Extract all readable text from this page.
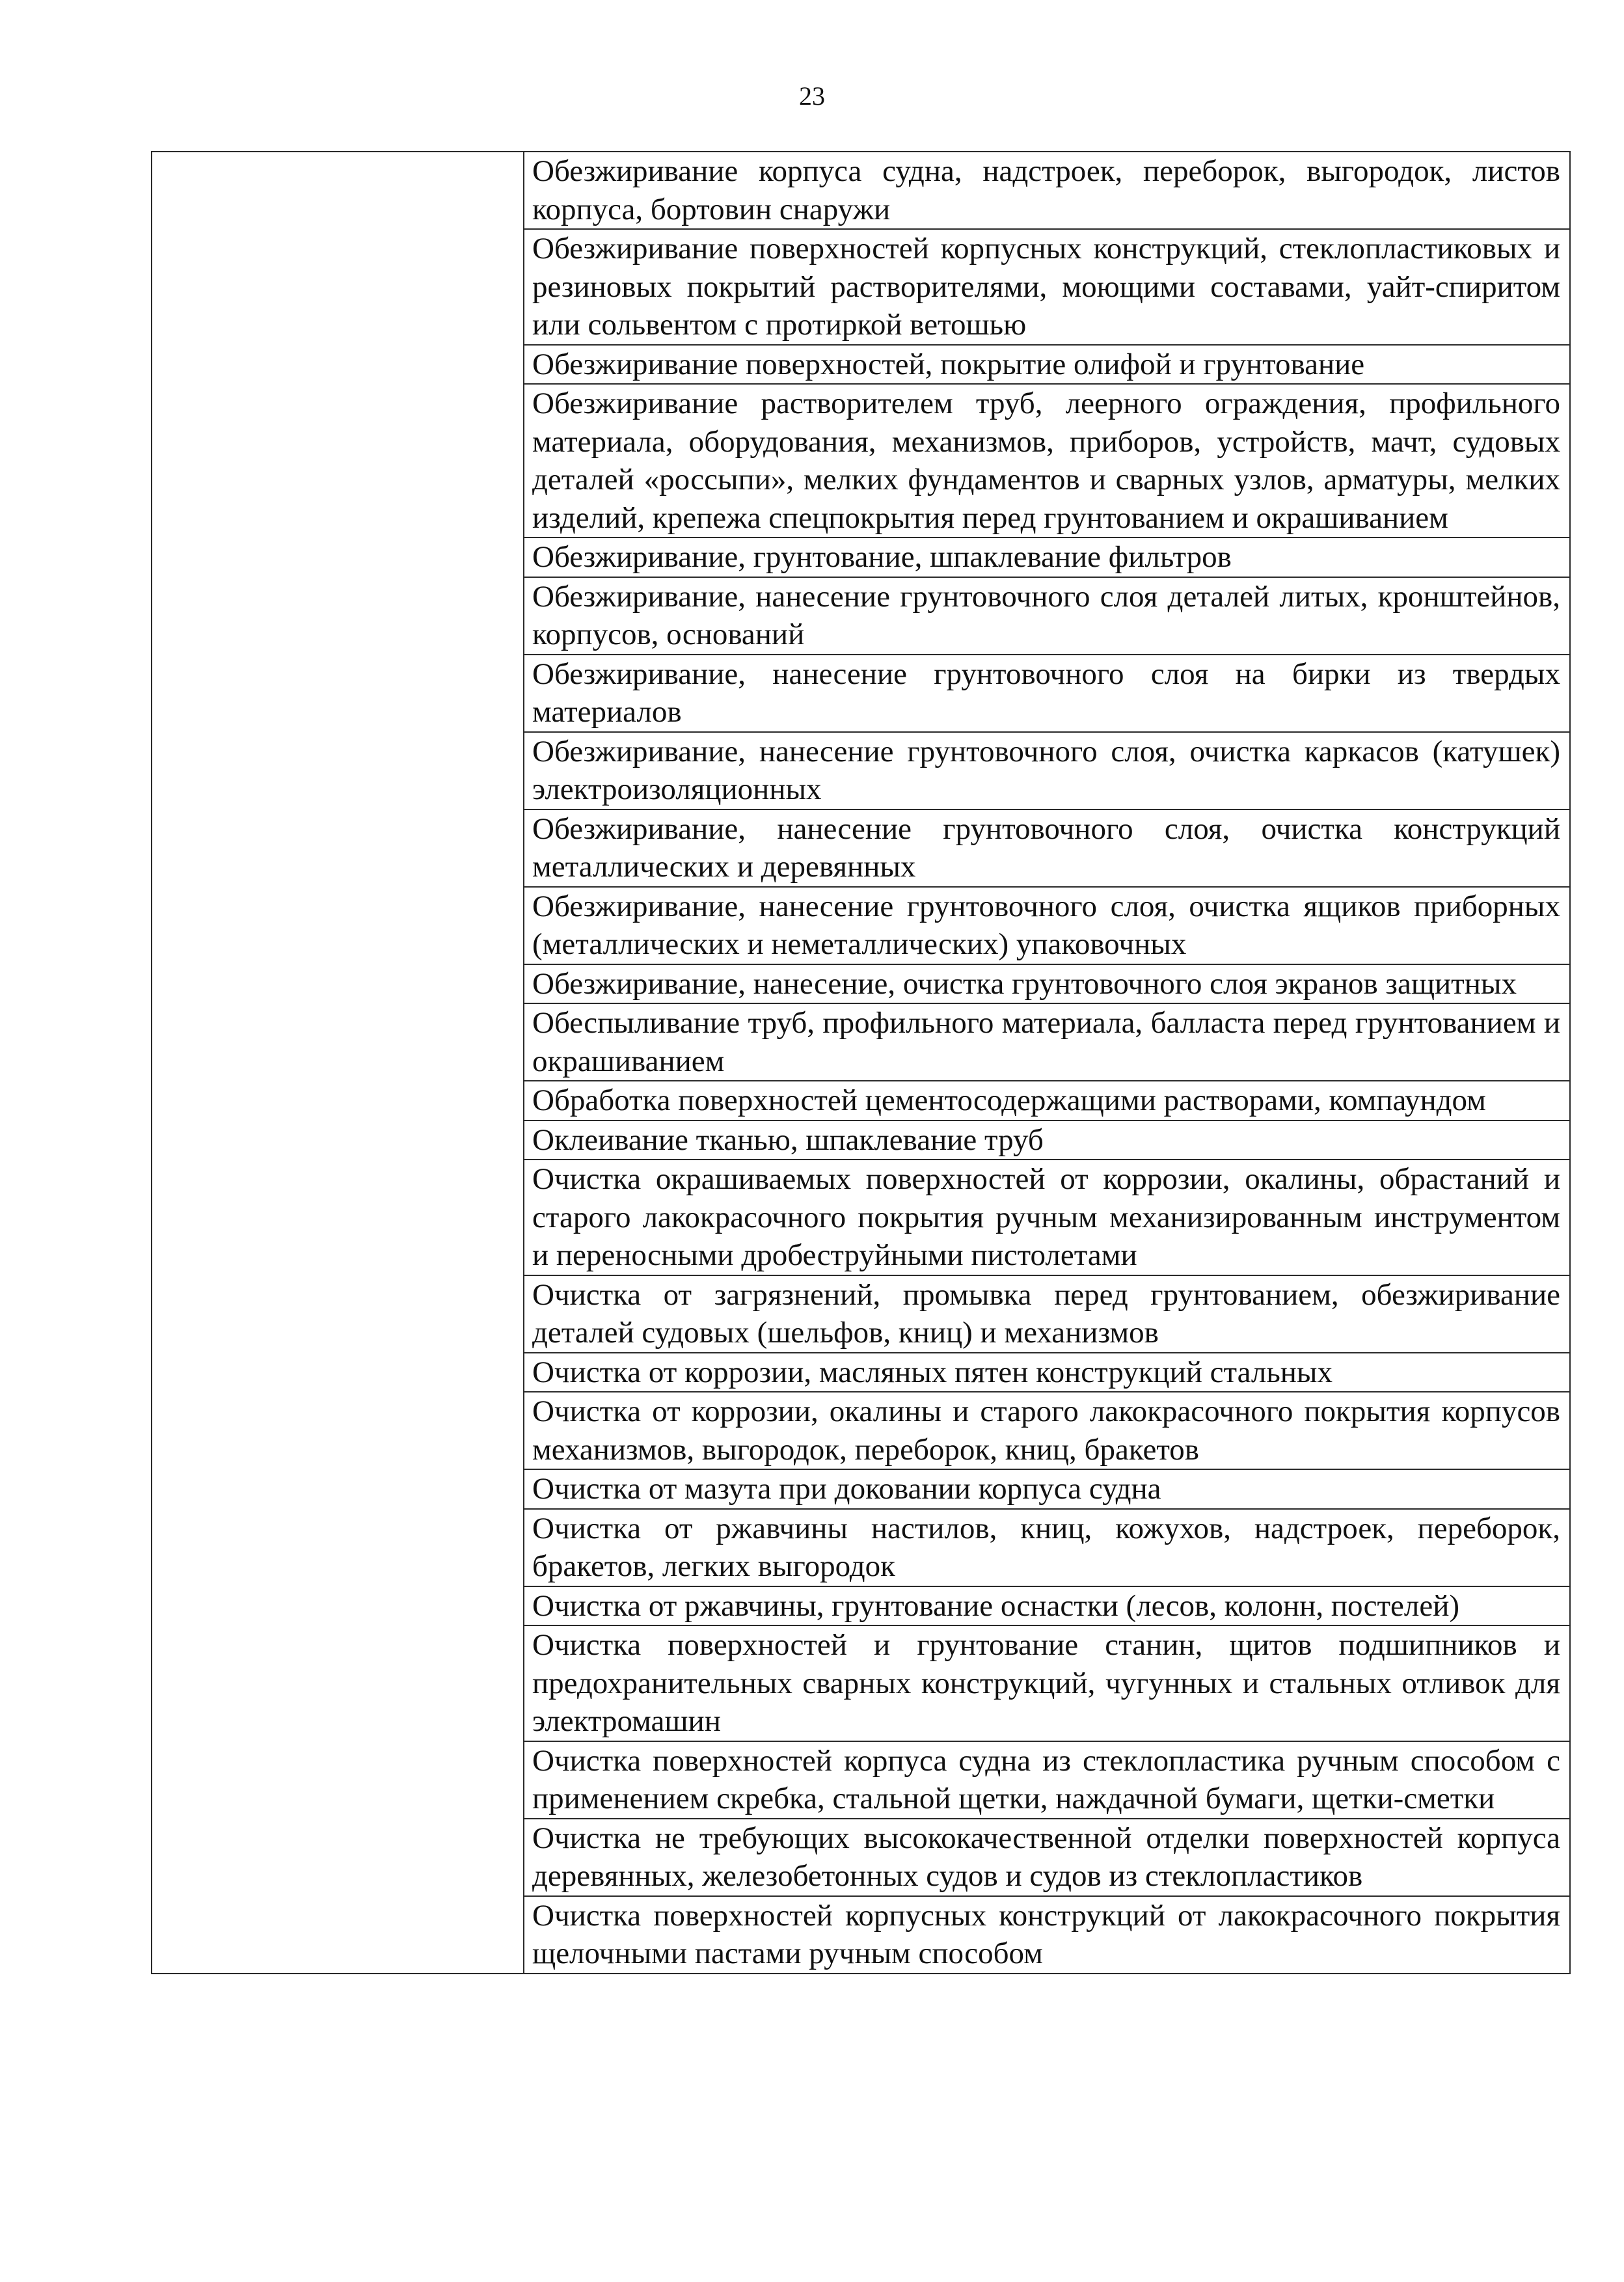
23
	Обезжиривание корпуса судна, надстроек, переборок, выгородок, листов корпуса, бортовин снаружи
Обезжиривание поверхностей корпусных конструкций, стеклопластиковых и резиновых покрытий растворителями, моющими составами, уайт-спиритом или сольвентом с протиркой ветошью
Обезжиривание поверхностей, покрытие олифой и грунтование
Обезжиривание растворителем труб, леерного ограждения, профильного материала, оборудования, механизмов, приборов, устройств, мачт, судовых деталей «россыпи», мелких фундаментов и сварных узлов, арматуры, мелких изделий, крепежа спецпокрытия перед грунтованием и окрашиванием
Обезжиривание, грунтование, шпаклевание фильтров
Обезжиривание, нанесение грунтовочного слоя деталей литых, кронштейнов, корпусов, оснований
Обезжиривание, нанесение грунтовочного слоя на бирки из твердых материалов
Обезжиривание, нанесение грунтовочного слоя, очистка каркасов (катушек) электроизоляционных
Обезжиривание, нанесение грунтовочного слоя, очистка конструкций металлических и деревянных
Обезжиривание, нанесение грунтовочного слоя, очистка ящиков приборных (металлических и неметаллических) упаковочных
Обезжиривание, нанесение, очистка грунтовочного слоя экранов защитных
Обеспыливание труб, профильного материала, балласта перед грунтованием и окрашиванием
Обработка поверхностей цементосодержащими растворами, компаундом
Оклеивание тканью, шпаклевание труб
Очистка окрашиваемых поверхностей от коррозии, окалины, обрастаний и старого лакокрасочного покрытия ручным механизированным инструментом и переносными дробеструйными пистолетами
Очистка от загрязнений, промывка перед грунтованием, обезжиривание деталей судовых (шельфов, книц) и механизмов
Очистка от коррозии, масляных пятен конструкций стальных
Очистка от коррозии, окалины и старого лакокрасочного покрытия корпусов механизмов, выгородок, переборок, книц, бракетов
Очистка от мазута при доковании корпуса судна
Очистка от ржавчины настилов, книц, кожухов, надстроек, переборок, бракетов, легких выгородок
Очистка от ржавчины, грунтование оснастки (лесов, колонн, постелей)
Очистка поверхностей и грунтование станин, щитов подшипников и предохранительных сварных конструкций, чугунных и стальных отливок для электромашин
Очистка поверхностей корпуса судна из стеклопластика ручным способом с применением скребка, стальной щетки, наждачной бумаги, щетки-сметки
Очистка не требующих высококачественной отделки поверхностей корпуса деревянных, железобетонных судов и судов из стеклопластиков
Очистка поверхностей корпусных конструкций от лакокрасочного покрытия щелочными пастами ручным способом
